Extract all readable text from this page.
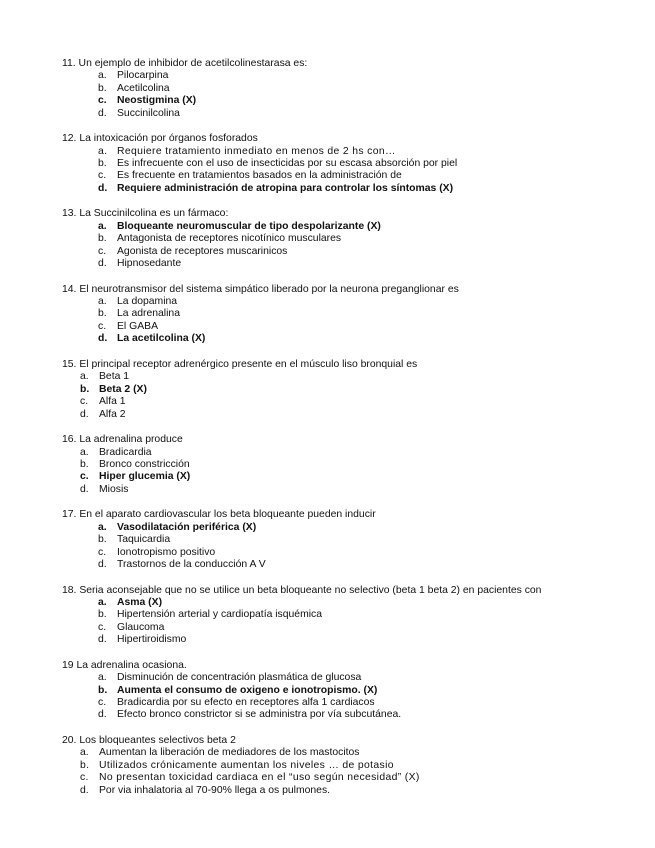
11. Un ejemplo de inhibidor de acetilcolinestarasa es:
a. Pilocarpina
b. Acetilcolina
c. Neostigmina (X)
d. Succinilcolina
12. La intoxicación por órganos fosforados
a. Requiere tratamiento inmediato en menos de 2 hs con…
b. Es infrecuente con el uso de insecticidas por su escasa absorción por piel
c.	Es frecuente en tratamientos basados en la administración de
d. Requiere administración de atropina para controlar los síntomas (X)
13. La Succinilcolina es un fármaco:
a. Bloqueante neuromuscular de tipo despolarizante (X)
b. Antagonista de receptores nicotínico musculares
c.	Agonista de receptores muscarinicos
d. Hipnosedante
14. El neurotransmisor del sistema simpático liberado por la neurona preganglionar es
a. La dopamina
b. La adrenalina
c.	El GABA
d. La acetilcolina (X)
15. El principal receptor adrenérgico presente en el músculo liso bronquial es
a. Beta 1
b. Beta 2 (X)
c.	Alfa 1
d. Alfa 2
16. La adrenalina produce
a. Bradicardia
b. Bronco constricción
c. Hiper glucemia (X)
d. Miosis
17. En el aparato cardiovascular los beta bloqueante pueden inducir
a. Vasodilatación periférica (X)
b. Taquicardia
c.	Ionotropismo positivo
d. Trastornos de la conducción A V
18. Seria aconsejable que no se utilice un beta bloqueante no selectivo (beta 1 beta 2) en pacientes con
a. Asma (X)
b. Hipertensión arterial y cardiopatía isquémica
c.	Glaucoma
d. Hipertiroidismo
19 La adrenalina ocasiona.
a. Disminución de concentración plasmática de glucosa
b. Aumenta el consumo de oxigeno e ionotropismo. (X)
c.	Bradicardia por su efecto en receptores alfa 1 cardiacos
d. Efecto bronco constrictor si se administra por vía subcutánea.
20. Los bloqueantes selectivos beta 2
a. Aumentan la liberación de mediadores de los mastocitos
b. Utilizados crónicamente aumentan los niveles … de potasio
c. No presentan toxicidad cardiaca en el “uso según necesidad” (X)
d. Por via inhalatoria al 70-90% llega a os pulmones.
